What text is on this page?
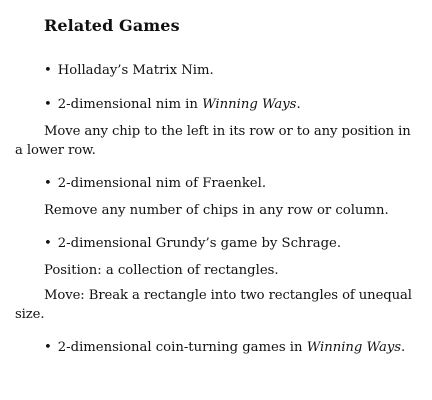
Related Games
• Holladay’s Matrix Nim.
• 2-dimensional nim in Winning Ways.
Move any chip to the left in its row or to any position in a lower row.
• 2-dimensional nim of Fraenkel.
Remove any number of chips in any row or column.
• 2-dimensional Grundy’s game by Schrage.
Position: a collection of rectangles.
Move: Break a rectangle into two rectangles of unequal size.
• 2-dimensional coin-turning games in Winning Ways.
